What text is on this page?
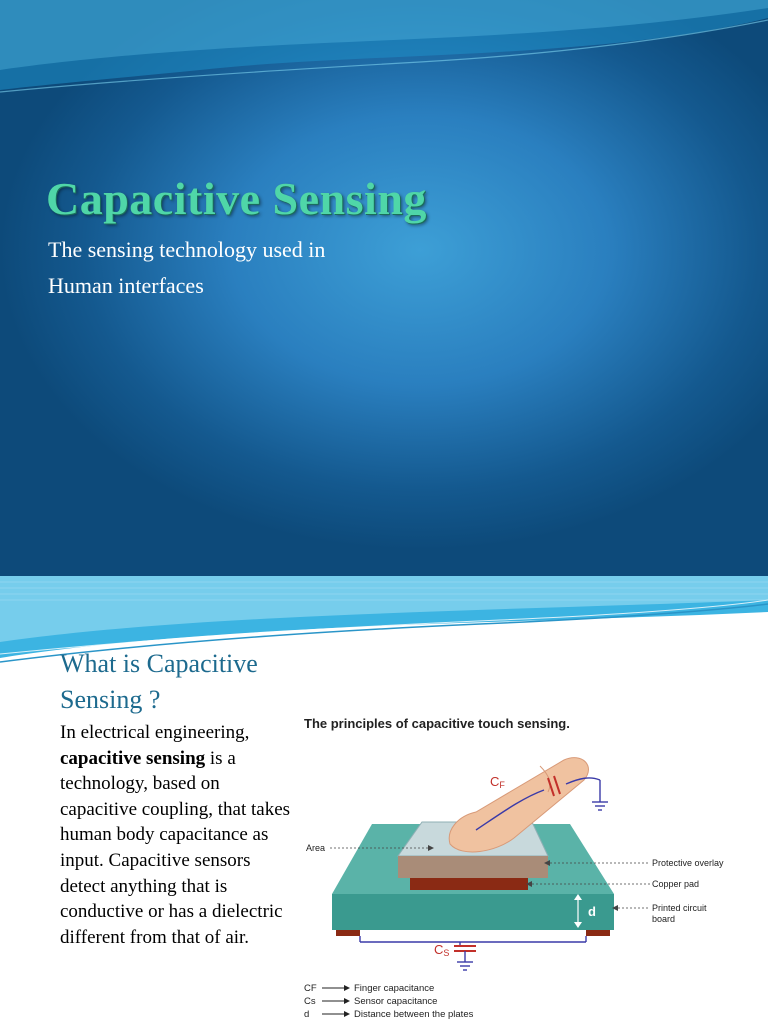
Capacitive Sensing
The sensing technology used in
Human interfaces
What is Capacitive Sensing ?
In electrical engineering, capacitive sensing is a technology, based on capacitive coupling, that takes human body capacitance as input. Capacitive sensors detect anything that is conductive or has a dielectric different from that of air.
The principles of capacitive touch sensing.
CF
CS
d
Area
Protective overlay
Copper pad
Printed circuit
board
CF	Finger capacitance
Cs	Sensor capacitance
d	Distance between the plates
